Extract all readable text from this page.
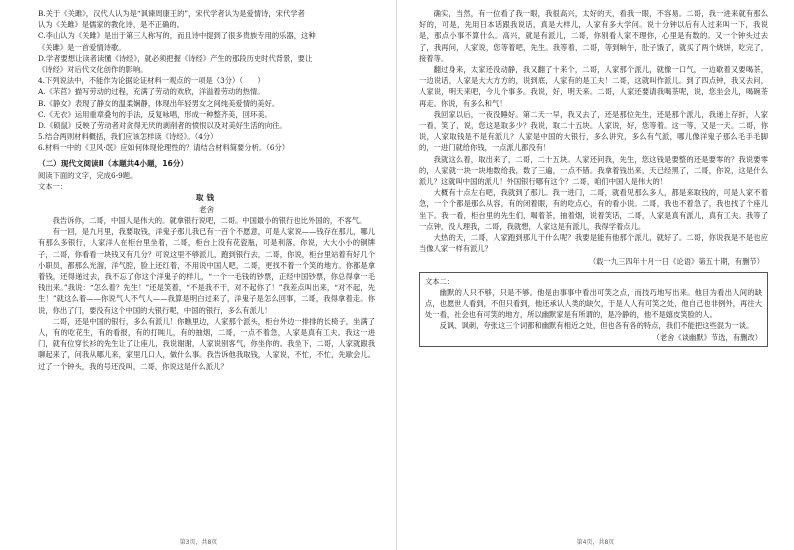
B.关于《关雎》，汉代人认为是“讽谏周康王的”，宋代学者认为是爱情诗，宋代学者

认为《关雎》是儒家的教化诗，是不正确的。

C.李山认为《关雎》是出于第三人称写的，而且诗中提到了很多贵族专用的乐器，这种

《关雎》是一首爱情诗歌。

D.学者要想让读者读懂《诗经》，就必须把握《诗经》产生的那段历史时代背景，要让

《诗经》对后代文化创作的影响。

4.下列说法中，不能作为论据论证材料一观点的一项是（3分）（　　）

A.《芣苢》描写劳动的过程，充满了劳动的欢欣，洋溢着劳动的热情。

B.《静女》表现了静女的温柔娴静，体现出年轻男女之间纯美爱情的美好。

C.《无衣》运用重章叠句的手法，反复咏唱，形成一种整齐美，回环美。

D.《硕鼠》反映了劳动者对贪得无厌的剥削者的愤恨以及对美好生活的向往。

5.结合两则材料概括，我们应该怎样读《诗经》。（4分）

6.材料一中的《卫风·氓》应如何体现伦理性的？请结合材料简要分析。（6分）

（二）现代文阅读Ⅱ（本题共4小题，16分）

阅读下面的文字，完成6-9题。

文本一：

取钱

老舍

我告诉你，二哥，中国人是伟大的。就拿银行说吧，二哥。中国最小的银行也比外国的，不客气。

有一回，是九月里，我要取钱，洋鬼子那儿我已有一百个不愿意，可是人家说——钱存在那儿，哪儿有那么多银行，人家洋人在柜台里坐着，二哥，柜台上没有花瓷瓶，可是利落，你说，大大小小的铜牌子，二哥，你看看一块钱又有几分？可说这里不够派儿，跑到银行去，二哥，你说，柜台里站着有好几个小职员，都那么光溜，洋气腔，脸上还红着，不用说中国人吧，二哥，更找不着一个笑的地方。你都是拿着钱，还得递过去，我不忘了你这个洋鬼子的样儿，“一个一毛钱的钞票，正经中国钞票，你总得拿一毛钱出来。”我说：“怎么着？先生！”还是笑着，“不是我不干，对不起你了！”我差点叫出来，“对不起，先生！”就这么着——你说气人不气人——我算是明白过来了，洋鬼子是怎么回事，二哥，我得拿着走。你说，你出了门，要没有这个中国的大银行呢，中国的银行，多么有派儿！

二哥，还是中国的银行，多么有派儿！你瞧里边，人家那个派头，柜台外边一排排的长椅子，坐满了人，有的吃花生，有的看报，有的打盹儿，有的抽烟，二哥，一点不着急，人家是真有工夫。我这一进门，就有位穿长衫的先生让了让座儿，我说谢谢，人家说别客气，你坐你的。我坐下，二哥，人家就跟我聊起来了，问我从哪儿来，家里几口人，做什么事。我告诉他我取钱，人家说，不忙，不忙，先歇会儿。过了一个钟头，我的号还没叫，二哥，你说这是什么派儿？

第3页，共8页

确实，当然，有一位看了我一眼，我很高兴，太好的天，看我一眼，不容易。二哥，我一进来就有那么好的，可是，先用日本话跟我说话，真是大样儿，人家有多大学问。说十分钟以后有人过来叫一下，我说是，那点小事不算什么。高兴，就是有派儿，二哥，你别看人家不理你，心里是有数的。又一个钟头过去了，我再问，人家说，您等着吧，先生。我等着，二哥，等到晌午，肚子饿了，就买了两个烧饼，吃完了，接着等。

翻过身来，太家还没动静，我又翻了十来个，二哥，人家那个派儿，就像一口气，一边歇着又要喝茶，一边说话，人家是大大方方的，说到底，人家有的是工夫！二哥，这就叫作派儿。到了四点钟，我又去问，人家说，明天来吧，今儿个事多。我说，好，明天来。二哥，人家还要请我喝茶呢，说，您坐会儿，喝碗茶再走。你说，有多么和气！

我回家以后，一夜没睡好。第二天一早，我又去了，还是那位先生，还是那个派儿，我递上存折，人家一看，笑了，说，您这是取多少？我说，取二十五块。人家说，好，您等着。这一等，又是一天。二哥，你说，人家取钱是不是有派儿？人家是中国的大银行，多么讲究，多么有气派，哪儿像洋鬼子那么毛手毛脚的，一进门就给你钱，一点派儿都没有！

我就这么着，取出来了，二哥，二十五块。人家还问我，先生，您这钱是要整的还是要零的？我说要零的，人家就一块一块地数给我，数了三遍，一点不错。我拿着钱出来，天已经黑了，二哥，你说，这是什么派儿？这就叫中国的派儿！外国银行哪有这个？二哥，咱们中国人是伟大的！

大概有十点左右吧，我就到了那儿。我一进门，二哥，就看见那么多人，都是来取钱的，可是人家不着急，一个个都是那么从容，有的闭着眼，有的吃点心，有的看小说。二哥，我也不着急了，我也找了个座儿坐下。我一看，柜台里的先生们，喝着茶，抽着烟，说着笑话，二哥，人家是真有派儿，真有工夫。我等了一点钟，没人理我，二哥，我就想，人家这是有派儿，我得学着点儿。

大热的天，二哥，人家跑到那儿干什么呢？我要是能有他那个派儿，就好了。二哥，你说我是不是也应当像人家一样有派儿？

（载一九三四年十月一日《论语》第五十期，有删节）

文本二：

幽默的人只不够，只是不够。他是由事事中看出可笑之点，而技巧地写出来。他目为看出人间的缺点，也愿世人看到，不但只看到，他还承认人类的缺欠，于是人人有可笑之处，他自己也非例外，再往大处一看，社会也有可笑的地方，所以幽默家是有所谓的，是冷静的，他不是嬉皮笑脸的人。

反讽、讽刺，夸张这三个词都和幽默有相近之处，但也各有各的特点，我们不能把这些混为一谈。

（老舍《谈幽默》节选，有删改）

第4页，共8页
